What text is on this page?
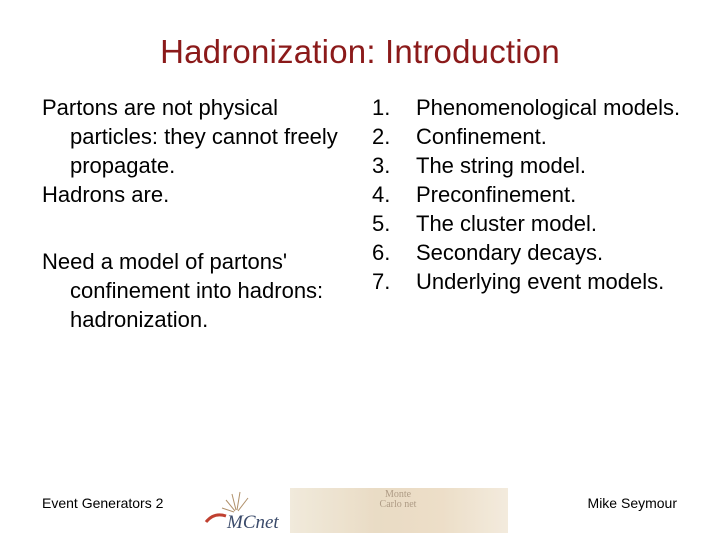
Hadronization: Introduction

Partons are not physical particles: they cannot freely propagate.

Hadrons are.

Need a model of partons' confinement into hadrons: hadronization.

1.	Phenomenological models.
2.	Confinement.
3.	The string model.
4.	Preconfinement.
5.	The cluster model.
6.	Secondary decays.
7.	Underlying event models.
Event Generators 2
MCnet
Monte Carlo net	Mike Seymour
